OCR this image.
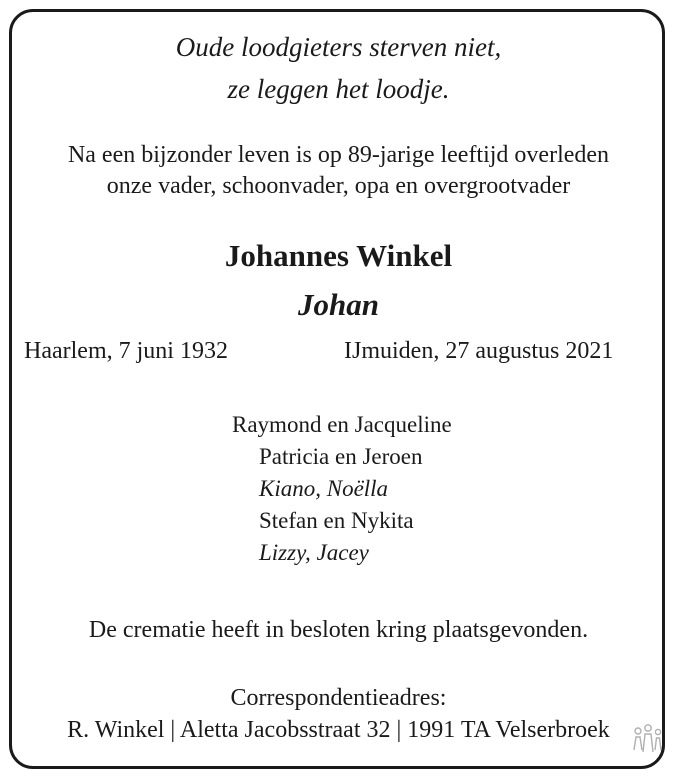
Oude loodgieters sterven niet,

ze leggen het loodje.

Na een bijzonder leven is op 89-jarige leeftijd overleden

onze vader, schoonvader, opa en overgrootvader

Johannes Winkel

Johan

Haarlem, 7 juni 1932	IJmuiden, 27 augustus 2021
Raymond en Jacqueline
Patricia en Jeroen
Kiano, Noëlla
Stefan en Nykita
Lizzy, Jacey

De crematie heeft in besloten kring plaatsgevonden.

Correspondentieadres:

R. Winkel | Aletta Jacobsstraat 32 | 1991 TA Velserbroek
